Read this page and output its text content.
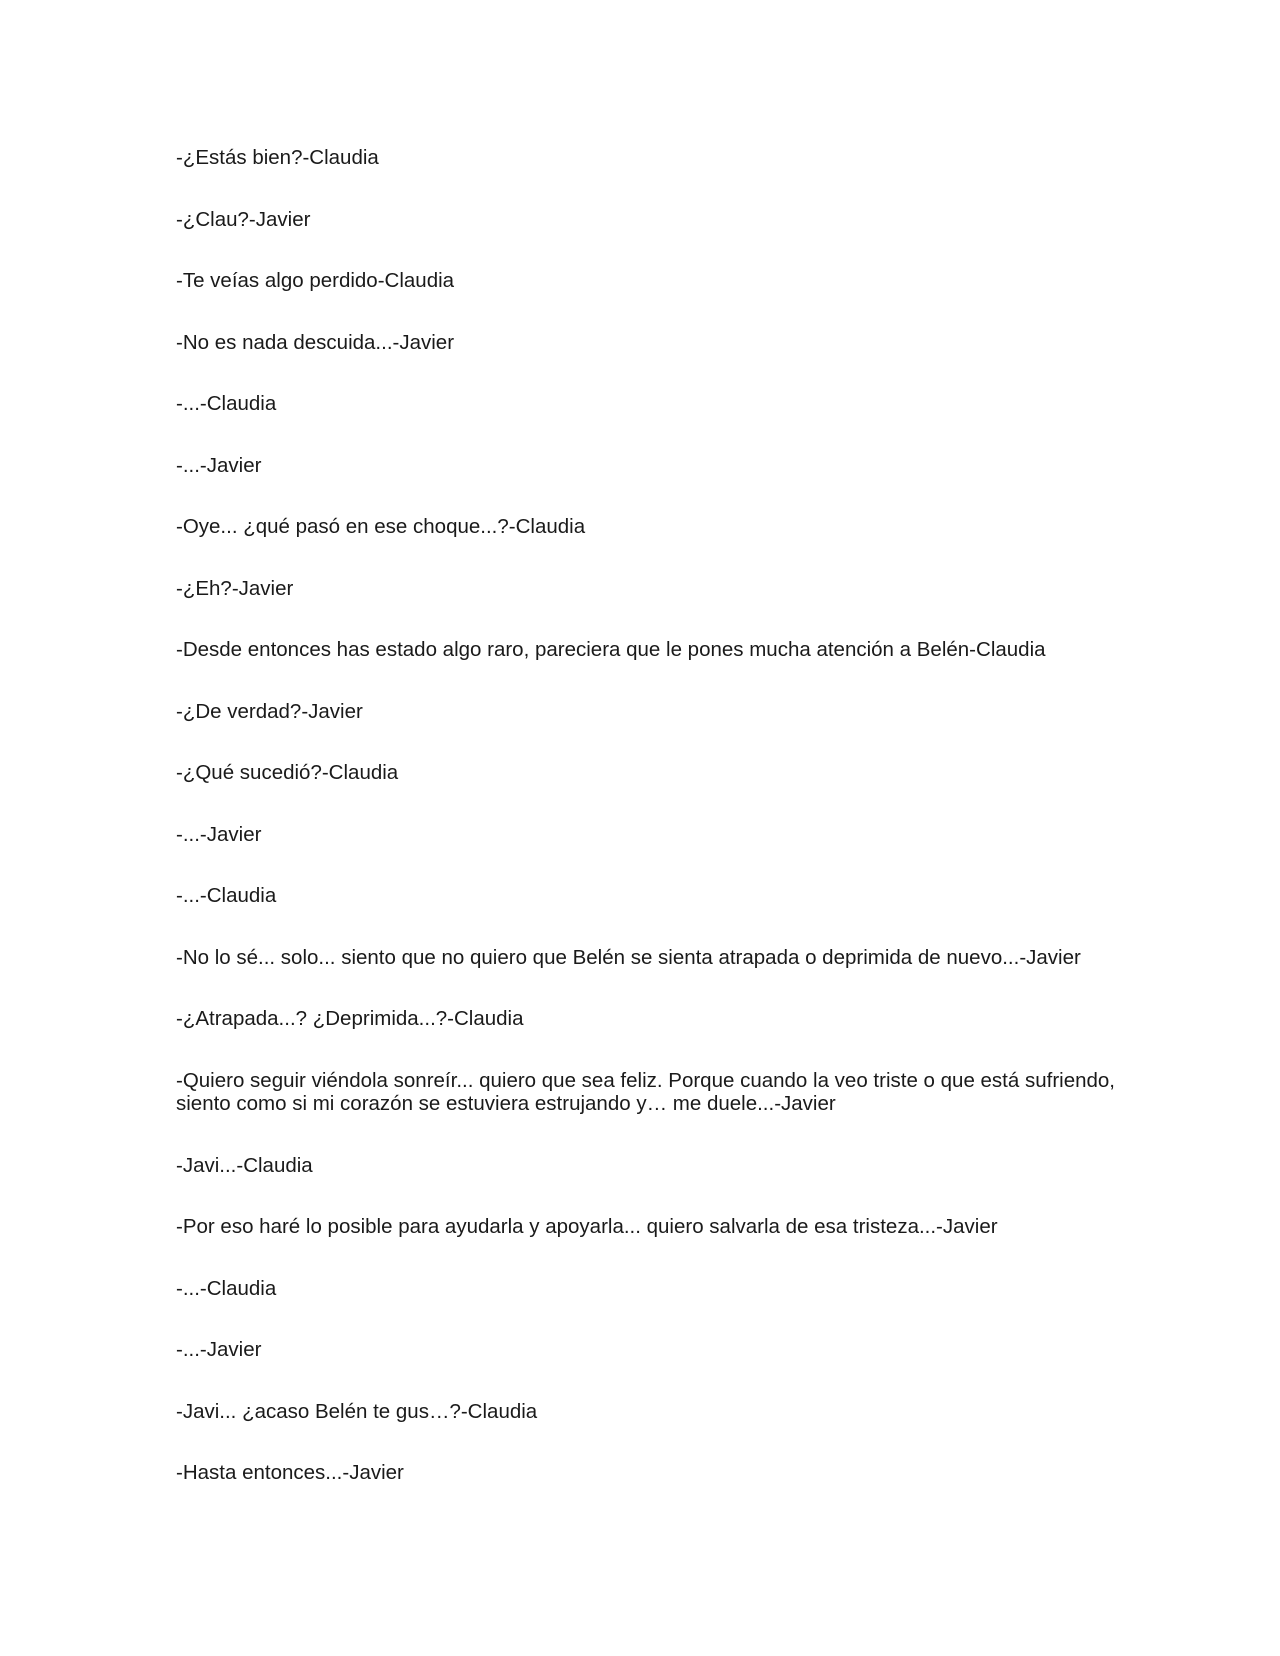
-¿Estás bien?-Claudia

-¿Clau?-Javier

-Te veías algo perdido-Claudia

-No es nada descuida...-Javier

-...-Claudia

-...-Javier

-Oye... ¿qué pasó en ese choque...?-Claudia

-¿Eh?-Javier

-Desde entonces has estado algo raro, pareciera que le pones mucha atención a Belén-Claudia

-¿De verdad?-Javier

-¿Qué sucedió?-Claudia

-...-Javier

-...-Claudia

-No lo sé... solo... siento que no quiero que Belén se sienta atrapada o deprimida de nuevo...-Javier

-¿Atrapada...? ¿Deprimida...?-Claudia

-Quiero seguir viéndola sonreír... quiero que sea feliz. Porque cuando la veo triste o que está sufriendo, siento como si mi corazón se estuviera estrujando y… me duele...-Javier

-Javi...-Claudia

-Por eso haré lo posible para ayudarla y apoyarla... quiero salvarla de esa tristeza...-Javier

-...-Claudia

-...-Javier

-Javi... ¿acaso Belén te gus…?-Claudia

-Hasta entonces...-Javier
